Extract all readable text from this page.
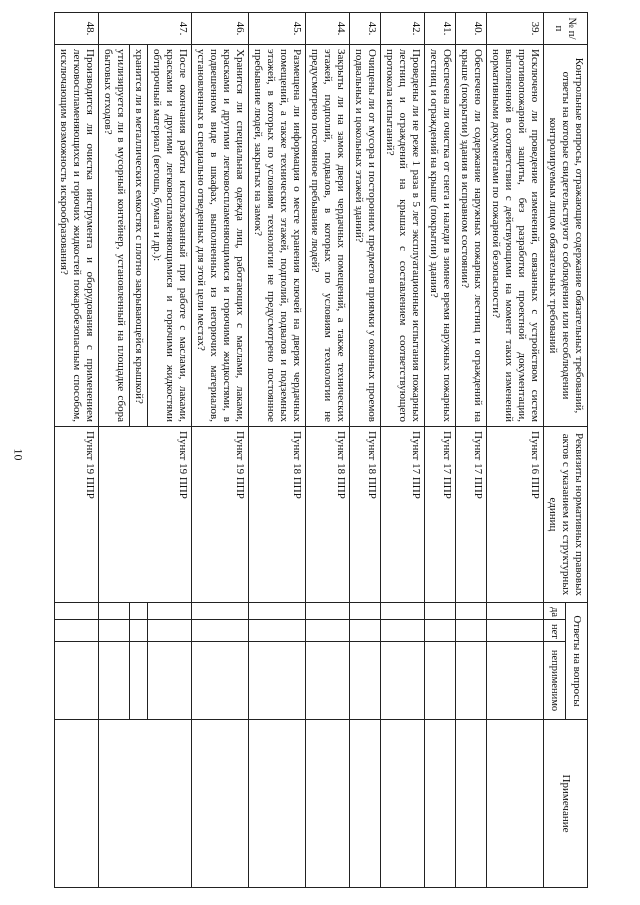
10
№ п/п	Контрольные вопросы, отражающие содержание обязательных требований, ответы на которые свидетельствуют о соблюдении или несоблюдении контролируемым лицом обязательных требований	Реквизиты нормативных правовых актов с указанием их структурных единиц	Ответы на вопросы			Примечание
			да	нет	неприменимо	
39.	Исключено ли проведение изменений, связанных с устройством систем противопожарной защиты, без разработки проектной документации, выполненной в соответствии с действующими на момент таких изменений нормативными документами по пожарной безопасности?	Пункт 16 ППР				
40.	Обеспечено ли содержание наружных пожарных лестниц и ограждений на крыше (покрытии) здания в исправном состоянии?	Пункт 17 ППР				
41.	Обеспечена ли очистка от снега и наледи в зимнее время наружных пожарных лестниц и ограждений на крыше (покрытии) здания?	Пункт 17 ППР				
42.	Проведены ли не реже 1 раза в 5 лет эксплуатационные испытания пожарных лестниц и ограждений на крышах с составлением соответствующего протокола испытаний?	Пункт 17 ППР				
43.	Очищены ли от мусора и посторонних предметов приямки у оконных проемов подвальных и цокольных этажей зданий?	Пункт 18 ППР				
44.	Закрыты ли на замок двери чердачных помещений, а также технических этажей, подполий, подвалов, в которых по условиям технологии не предусмотрено постоянное пребывание людей?	Пункт 18 ППР				
45.	Размещена ли информация о месте хранения ключей на дверях чердачных помещений, а также технических этажей, подполий, подвалов и подземных этажей, в которых по условиям технологии не предусмотрено постоянное пребывание людей, закрытых на замок?	Пункт 18 ППР				
46.	Хранится ли специальная одежда лиц, работающих с маслами, лаками, красками и другими легковоспламеняющимися и горючими жидкостями, в подвешенном виде в шкафах, выполненных из негорючих материалов, установленных в специально отведенных для этой цели местах?	Пункт 19 ППР				
47.	После окончания работы использованный при работе с маслами, лаками, красками и другими легковоспламеняющимися и горючими жидкостями обтирочный материал (ветошь, бумага и др.):	Пункт 19 ППР				
	хранится ли в металлических емкостях с плотно закрывающейся крышкой?					
	утилизируется ли в мусорный контейнер, установленный на площадке сбора бытовых отходов?					
48.	Производится ли очистка инструмента и оборудования с применением легковоспламеняющихся и горючих жидкостей пожаробезопасным способом, исключающим возможность искрообразования?	Пункт 19 ППР				
